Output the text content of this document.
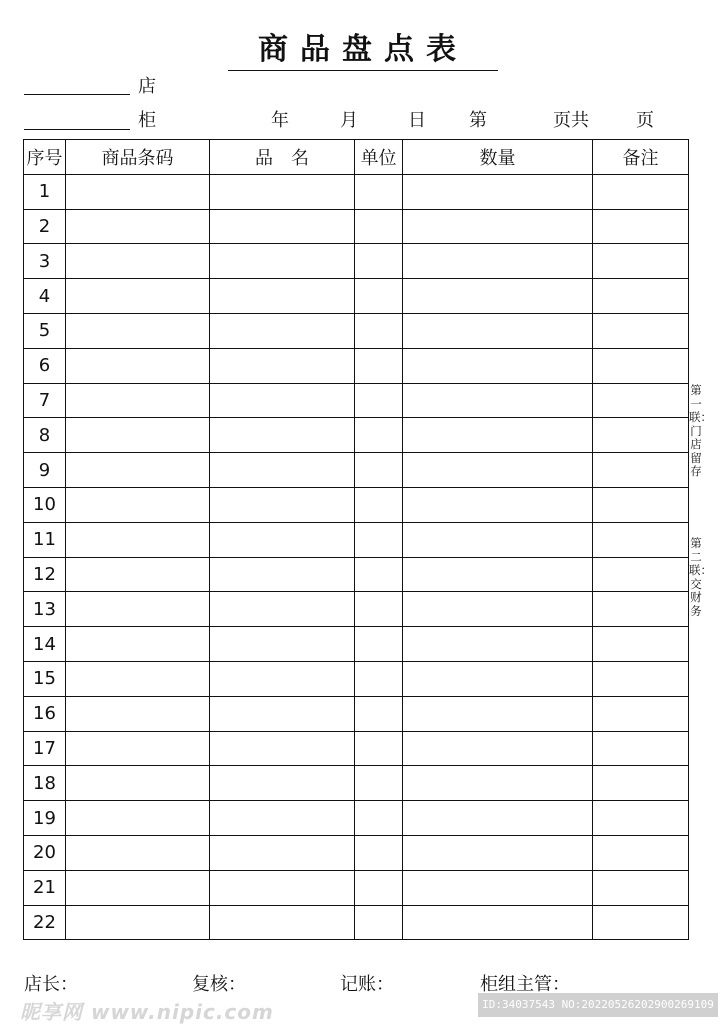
商品盘点表
店
柜	年	月	日 第	页共	页
序号	商品条码	品　名	单位	数量	备注
1					
2					
3					
4					
5					
6					
7					
8					
9					
10					
11					
12					
13					
14					
15					
16					
17					
18					
19					
20					
21					
22					
第一联：门店留存
第二联：交财务
店长：	复核：	记账：	柜组主管：
昵享网 www.nipic.com	ID:34037543 NO:20220526202900269109
